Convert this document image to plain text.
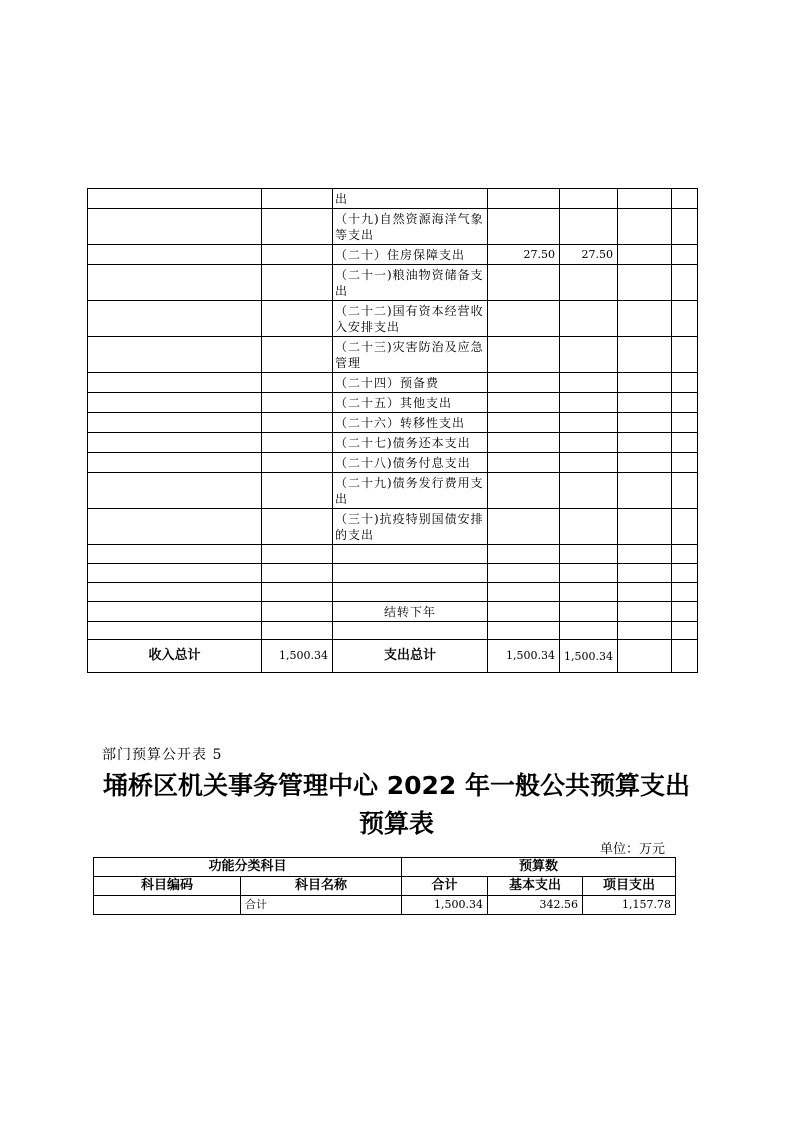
		出				
		（十九)自然资源海洋气象等支出				
		（二十）住房保障支出	27.50	27.50		
		（二十一)粮油物资储备支出				
		（二十二)国有资本经营收入安排支出				
		（二十三)灾害防治及应急管理				
		（二十四）预备费				
		（二十五）其他支出				
		（二十六）转移性支出				
		（二十七)债务还本支出				
		（二十八)债务付息支出				
		（二十九)债务发行费用支出				
		（三十)抗疫特别国债安排的支出				

		结转下年				

收入总计	1,500.34	支出总计	1,500.34	1,500.34		
部门预算公开表 5
埇桥区机关事务管理中心 2022 年一般公共预算支出
预算表
单位：万元
功能分类科目		预算数		
科目编码	科目名称	合计	基本支出	项目支出
	合计	1,500.34	342.56	1,157.78
